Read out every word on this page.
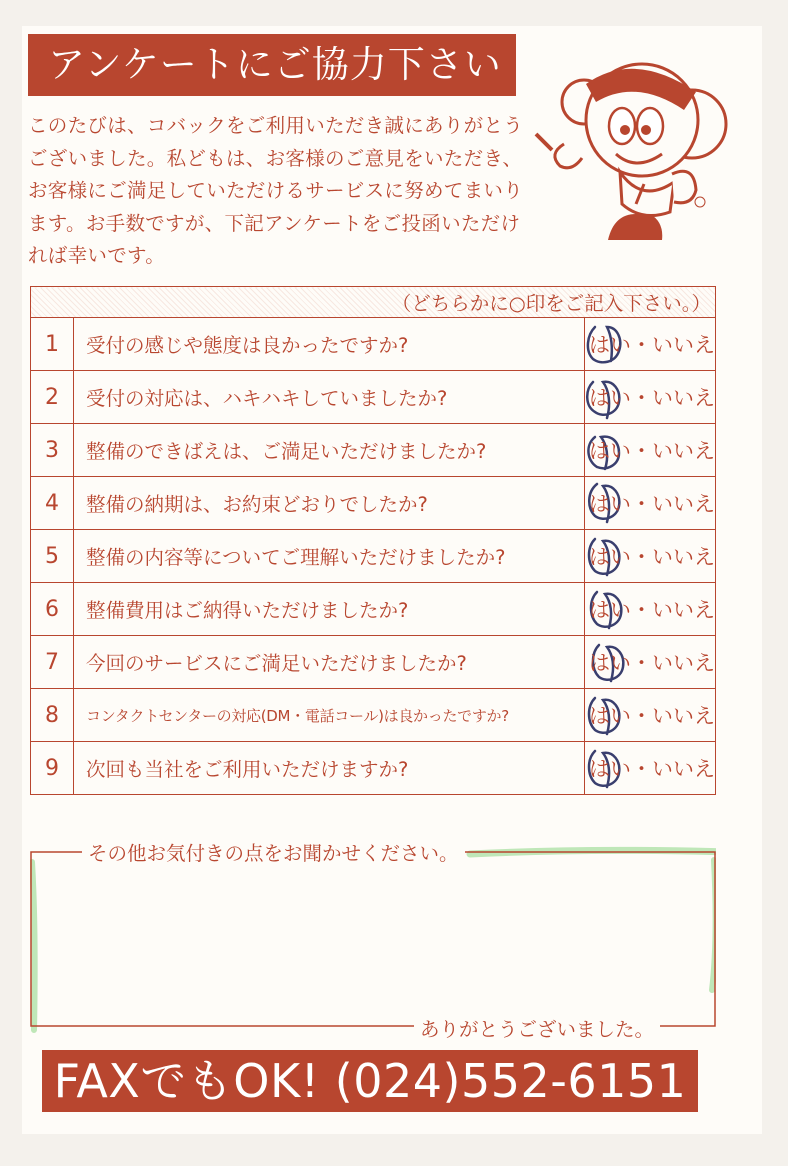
アンケートにご協力下さい
このたびは、コバックをご利用いただき誠にありがとうございました。私どもは、お客様のご意見をいただき、お客様にご満足していただけるサービスに努めてまいります。お手数ですが、下記アンケートをご投函いただければ幸いです。
（どちらかに○印をご記入下さい。）		
1	受付の感じや態度は良かったですか?	はい・いいえ
2	受付の対応は、ハキハキしていましたか?	はい・いいえ
3	整備のできばえは、ご満足いただけましたか?	はい・いいえ
4	整備の納期は、お約束どおりでしたか?	はい・いいえ
5	整備の内容等についてご理解いただけましたか?	はい・いいえ
6	整備費用はご納得いただけましたか?	はい・いいえ
7	今回のサービスにご満足いただけましたか?	はい・いいえ
8	コンタクトセンターの対応(DM・電話コール)は良かったですか?	はい・いいえ
9	次回も当社をご利用いただけますか?	はい・いいえ
その他お気付きの点をお聞かせください。
ありがとうございました。
FAXでもOK! (024)552-6151
